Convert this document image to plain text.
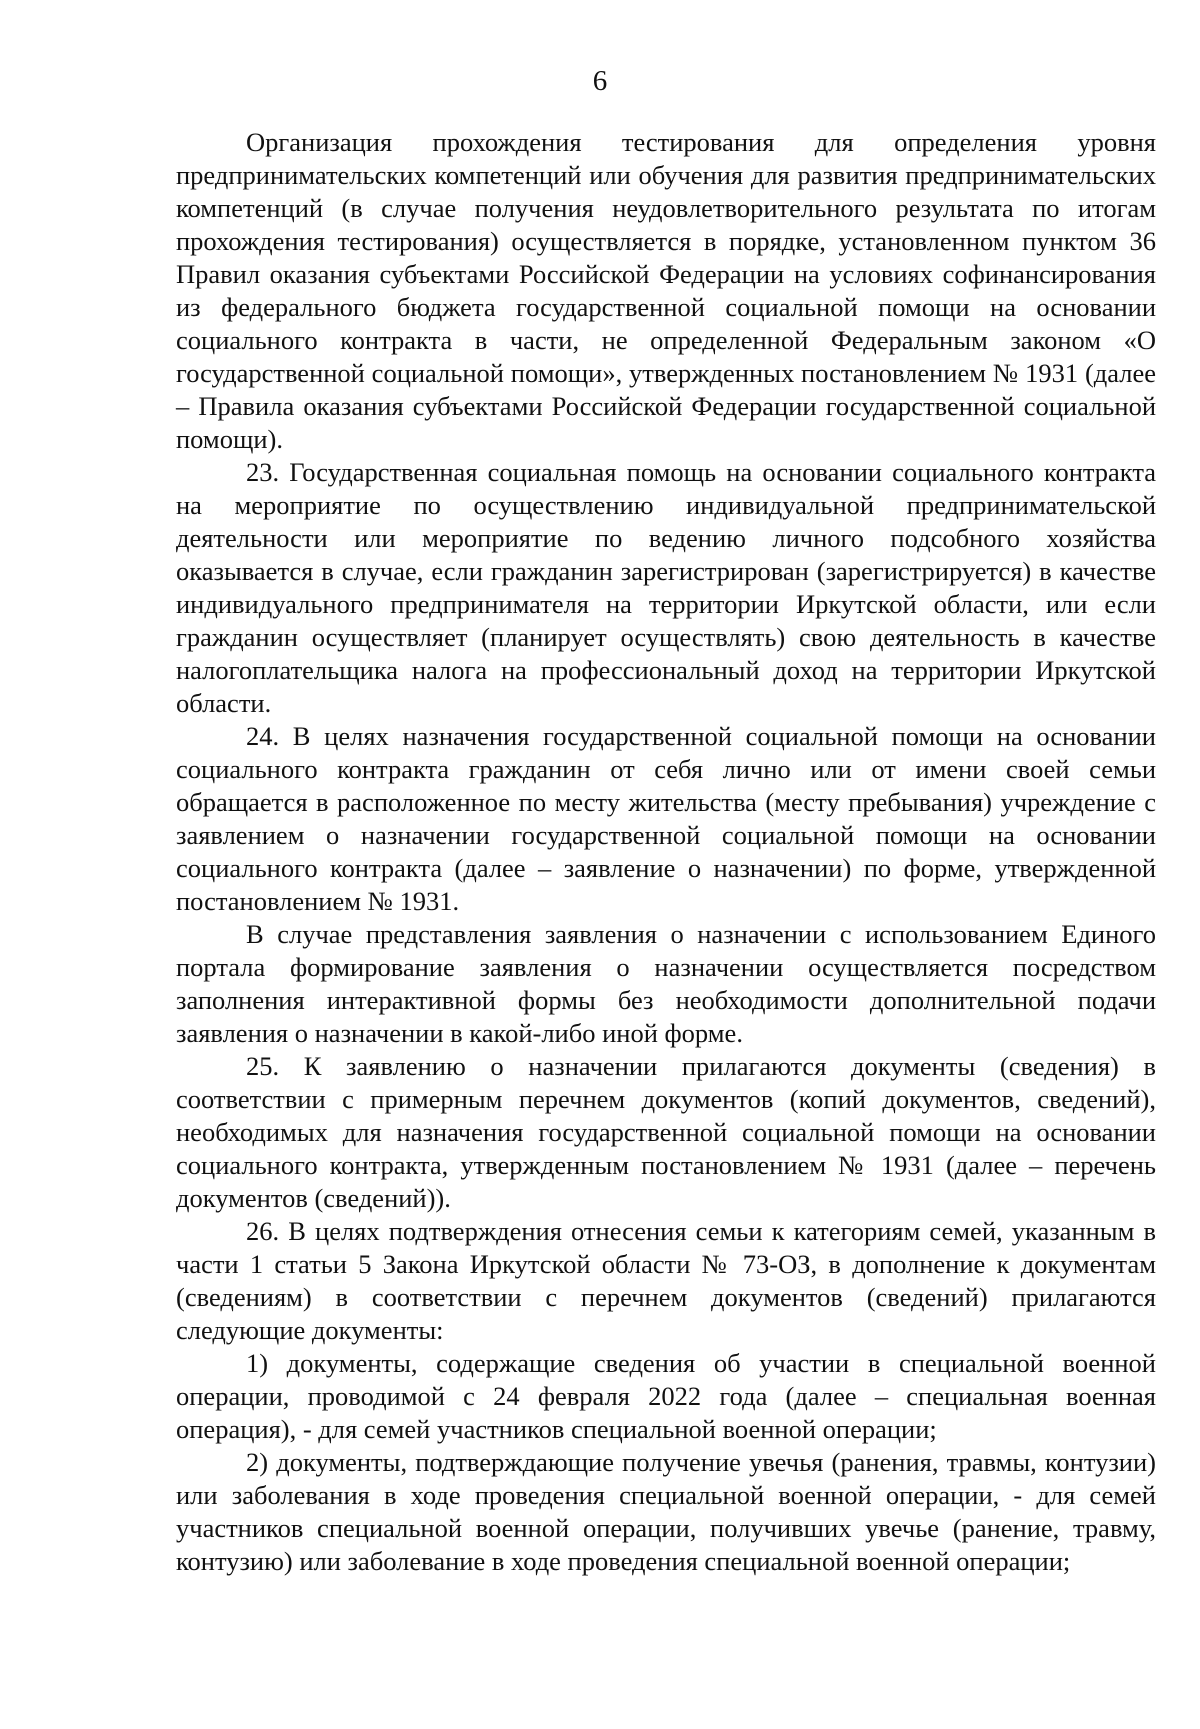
6

Организация прохождения тестирования для определения уровня предпринимательских компетенций или обучения для развития предпринимательских компетенций (в случае получения неудовлетворительного результата по итогам прохождения тестирования) осуществляется в порядке, установленном пунктом 36 Правил оказания субъектами Российской Федерации на условиях софинансирования из федерального бюджета государственной социальной помощи на основании социального контракта в части, не определенной Федеральным законом «О государственной социальной помощи», утвержденных постановлением № 1931 (далее – Правила оказания субъектами Российской Федерации государственной социальной помощи).

23. Государственная социальная помощь на основании социального контракта на мероприятие по осуществлению индивидуальной предпринимательской деятельности или мероприятие по ведению личного подсобного хозяйства оказывается в случае, если гражданин зарегистрирован (зарегистрируется) в качестве индивидуального предпринимателя на территории Иркутской области, или если гражданин осуществляет (планирует осуществлять) свою деятельность в качестве налогоплательщика налога на профессиональный доход на территории Иркутской области.

24. В целях назначения государственной социальной помощи на основании социального контракта гражданин от себя лично или от имени своей семьи обращается в расположенное по месту жительства (месту пребывания) учреждение с заявлением о назначении государственной социальной помощи на основании социального контракта (далее – заявление о назначении) по форме, утвержденной постановлением № 1931.

В случае представления заявления о назначении с использованием Единого портала формирование заявления о назначении осуществляется посредством заполнения интерактивной формы без необходимости дополнительной подачи заявления о назначении в какой-либо иной форме.

25. К заявлению о назначении прилагаются документы (сведения) в соответствии с примерным перечнем документов (копий документов, сведений), необходимых для назначения государственной социальной помощи на основании социального контракта, утвержденным постановлением № 1931 (далее – перечень документов (сведений)).

26. В целях подтверждения отнесения семьи к категориям семей, указанным в части 1 статьи 5 Закона Иркутской области № 73-ОЗ, в дополнение к документам (сведениям) в соответствии с перечнем документов (сведений) прилагаются следующие документы:

1) документы, содержащие сведения об участии в специальной военной операции, проводимой с 24 февраля 2022 года (далее – специальная военная операция), - для семей участников специальной военной операции;

2) документы, подтверждающие получение увечья (ранения, травмы, контузии) или заболевания в ходе проведения специальной военной операции, - для семей участников специальной военной операции, получивших увечье (ранение, травму, контузию) или заболевание в ходе проведения специальной военной операции;
